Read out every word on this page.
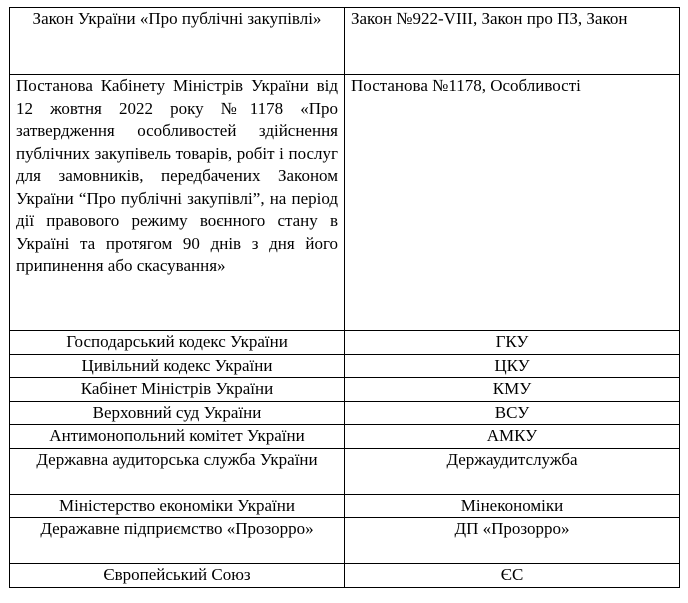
Закон України «Про публічні закупівлі»	Закон №922-VIII, Закон про ПЗ, Закон
Постанова Кабінету Міністрів України від 12 жовтня 2022 року №1178 «Про затвердження особливостей здійснення публічних закупівель товарів, робіт і послуг для замовників, передбачених Законом України “Про публічні закупівлі”, на період дії правового режиму воєнного стану в Україні та протягом 90 днів з дня його припинення або скасування»	Постанова №1178, Особливості
Господарський кодекс України	ГКУ
Цивільний кодекс України	ЦКУ
Кабінет Міністрів України	КМУ
Верховний суд України	ВСУ
Антимонопольний комітет України	АМКУ
Державна аудиторська служба України	Держаудитслужба
Міністерство економіки України	Мінекономіки
Деражавне підприємство «Прозорро»	ДП «Прозорро»
Європейський Союз	ЄС
